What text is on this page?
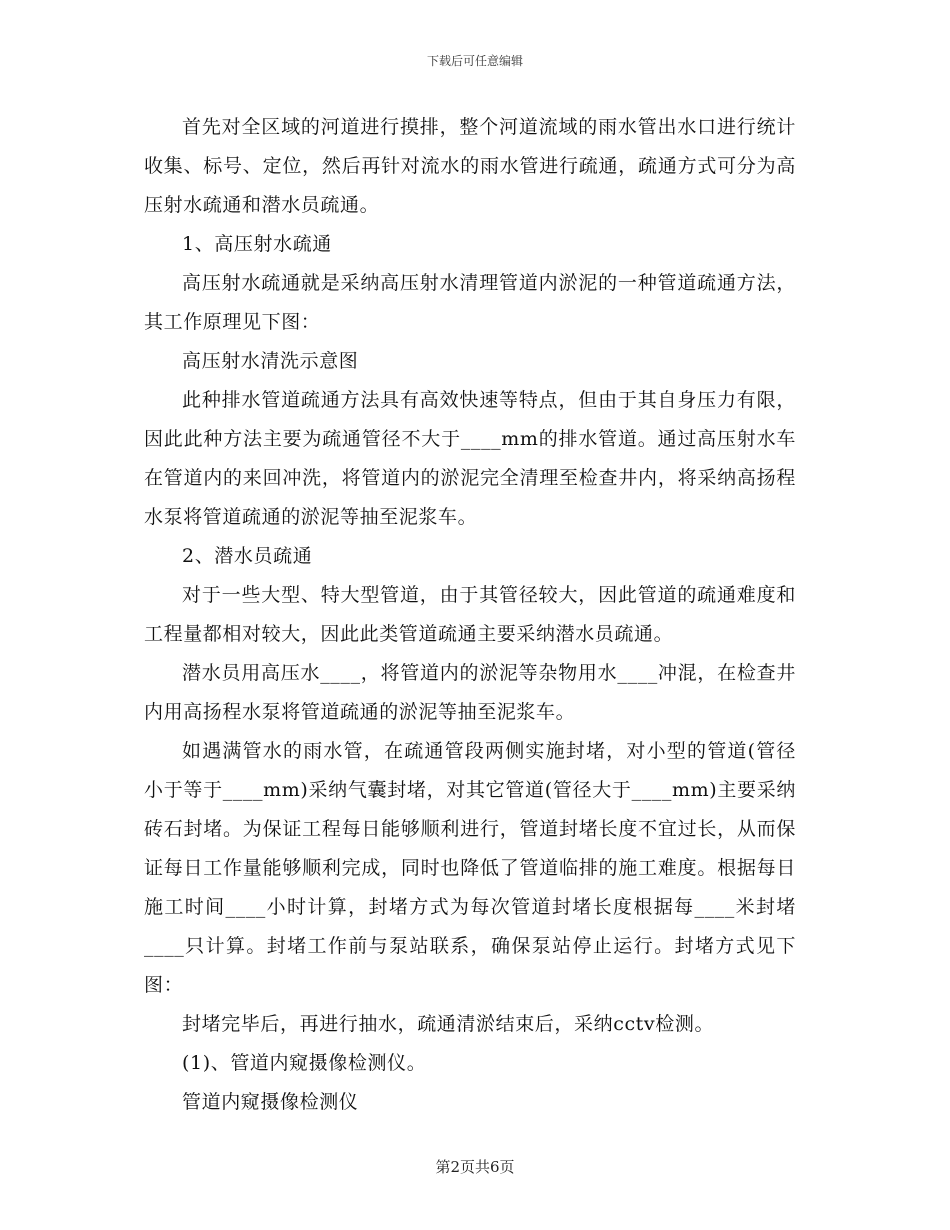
下载后可任意编辑

首先对全区域的河道进行摸排，整个河道流域的雨水管出水口进行统计收集、标号、定位，然后再针对流水的雨水管进行疏通，疏通方式可分为高压射水疏通和潜水员疏通。

1、高压射水疏通

高压射水疏通就是采纳高压射水清理管道内淤泥的一种管道疏通方法，其工作原理见下图：

高压射水清洗示意图

此种排水管道疏通方法具有高效快速等特点，但由于其自身压力有限，因此此种方法主要为疏通管径不大于____mm的排水管道。通过高压射水车在管道内的来回冲洗，将管道内的淤泥完全清理至检查井内，将采纳高扬程水泵将管道疏通的淤泥等抽至泥浆车。

2、潜水员疏通

对于一些大型、特大型管道，由于其管径较大，因此管道的疏通难度和工程量都相对较大，因此此类管道疏通主要采纳潜水员疏通。

潜水员用高压水____，将管道内的淤泥等杂物用水____冲混，在检查井内用高扬程水泵将管道疏通的淤泥等抽至泥浆车。

如遇满管水的雨水管，在疏通管段两侧实施封堵，对小型的管道(管径小于等于____mm)采纳气囊封堵，对其它管道(管径大于____mm)主要采纳砖石封堵。为保证工程每日能够顺利进行，管道封堵长度不宜过长，从而保证每日工作量能够顺利完成，同时也降低了管道临排的施工难度。根据每日施工时间____小时计算，封堵方式为每次管道封堵长度根据每____米封堵____只计算。封堵工作前与泵站联系，确保泵站停止运行。封堵方式见下图：

封堵完毕后，再进行抽水，疏通清淤结束后，采纳cctv检测。

(1)、管道内窥摄像检测仪。

管道内窥摄像检测仪

第2页共6页
